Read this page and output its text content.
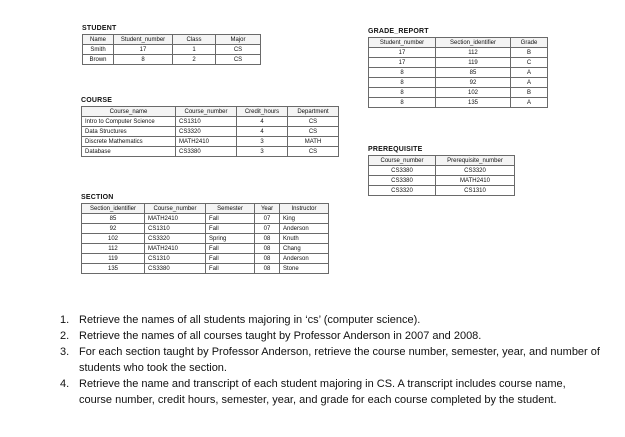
STUDENT
Name	Student_number	Class	Major
Smith	17	1	CS
Brown	8	2	CS
COURSE
Course_name	Course_number	Credit_hours	Department
Intro to Computer Science	CS1310	4	CS
Data Structures	CS3320	4	CS
Discrete Mathematics	MATH2410	3	MATH
Database	CS3380	3	CS
SECTION
Section_identifier	Course_number	Semester	Year	Instructor
85	MATH2410	Fall	07	King
92	CS1310	Fall	07	Anderson
102	CS3320	Spring	08	Knuth
112	MATH2410	Fall	08	Chang
119	CS1310	Fall	08	Anderson
135	CS3380	Fall	08	Stone
GRADE_REPORT
Student_number	Section_identifier	Grade
17	112	B
17	119	C
8	85	A
8	92	A
8	102	B
8	135	A
PREREQUISITE
Course_number	Prerequisite_number
CS3380	CS3320
CS3380	MATH2410
CS3320	CS1310
1. Retrieve the names of all students majoring in ‘cs’ (computer science).
2. Retrieve the names of all courses taught by Professor Anderson in 2007 and 2008.
3. For each section taught by Professor Anderson, retrieve the course number, semester, year, and number of students who took the section.
4. Retrieve the name and transcript of each student majoring in CS. A transcript includes course name, course number, credit hours, semester, year, and grade for each course completed by the student.
